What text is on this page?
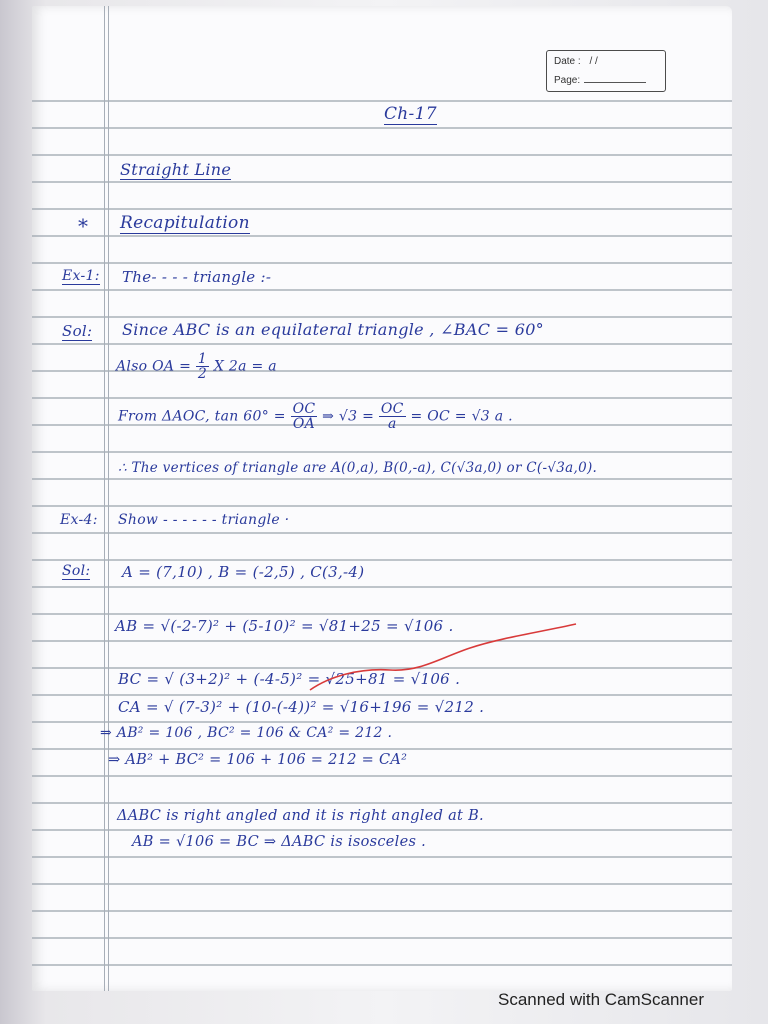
Date : / /
Page:
Ch-17
Straight Line
* Recapitulation
Ex-1: The- - - - triangle :-
Sol: Since ABC is an equilateral triangle , ∠BAC = 60°
Also OA = $\frac{1}{2}$ X 2a = a
From ΔAOC, $\tan 60^\circ = \frac{OC}{OA}$ ⇒ $√3 = \frac{OC}{a}$ = OC = √3 a .
∴ The vertices of triangle are A(0,a), B(0,-a), C(√3a,0) or C(-√3a,0).
Ex-4: Show - - - - - - triangle ·
Sol: A = (7,10) , B = (-2,5) , C(3,-4)
AB = √(-2-7)² + (5-10)² = √81+25 = √106 .
BC = √ (3+2)² + (-4-5)² = √25+81 = √106 .
CA = √ (7-3)² + (10-(-4))² = √16+196 = √212 .
⇒ AB² = 106 , BC² = 106 & CA² = 212 .
⇒ AB² + BC² = 106 + 106 = 212 = CA²
ΔABC is right angled and it is right angled at B.
AB = √106 = BC ⇒ ΔABC is isosceles .
Scanned with CamScanner
